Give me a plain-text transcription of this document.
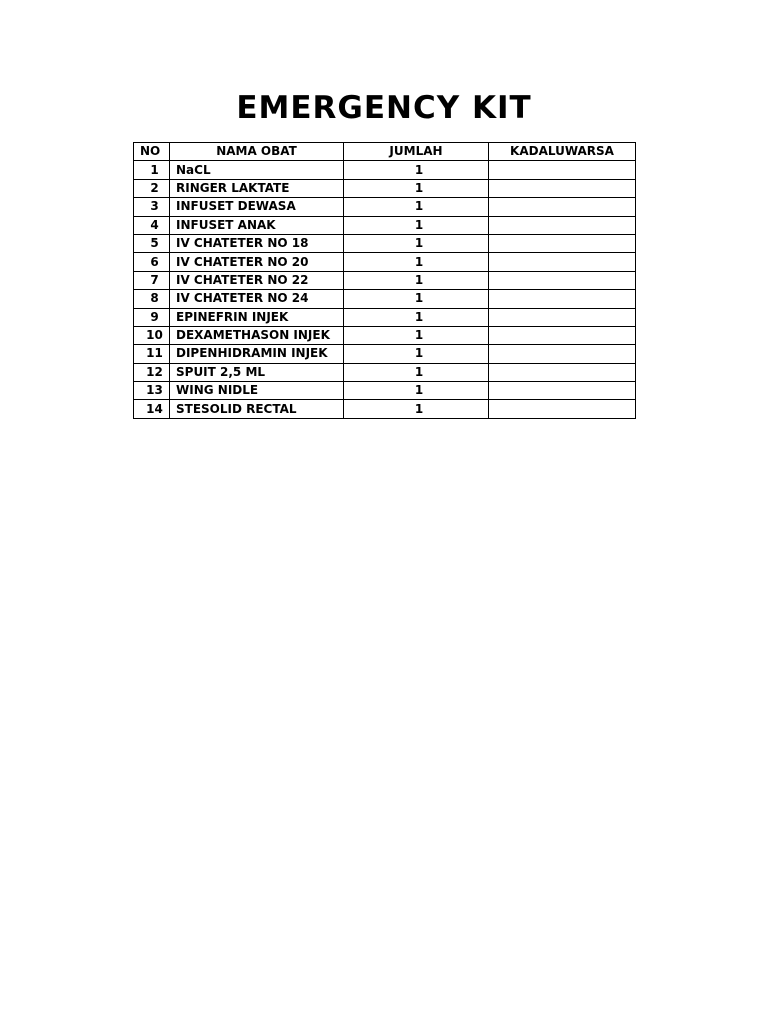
EMERGENCY KIT
NO	NAMA OBAT	JUMLAH	KADALUWARSA
1	NaCL	1	
2	RINGER LAKTATE	1	
3	INFUSET DEWASA	1	
4	INFUSET ANAK	1	
5	IV CHATETER NO 18	1	
6	IV CHATETER NO 20	1	
7	IV CHATETER NO 22	1	
8	IV CHATETER NO 24	1	
9	EPINEFRIN INJEK	1	
10	DEXAMETHASON INJEK	1	
11	DIPENHIDRAMIN INJEK	1	
12	SPUIT 2,5 ML	1	
13	WING NIDLE	1	
14	STESOLID RECTAL	1	
